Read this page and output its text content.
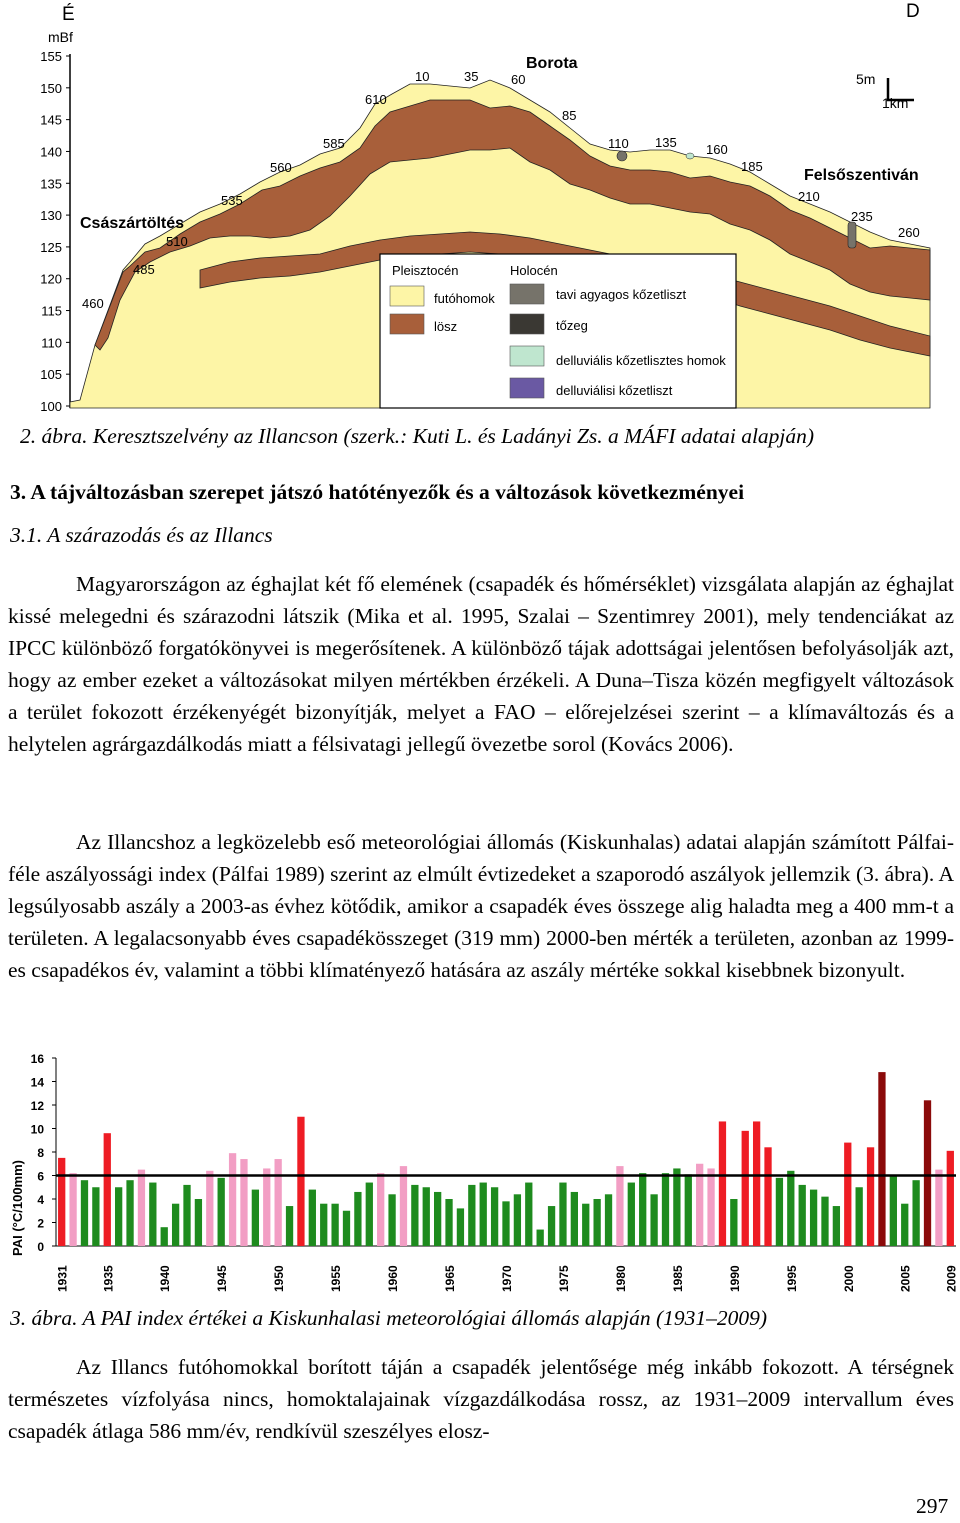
155
150
145
140
135
130
125
120
115
110
105
100
É	D
mBf
5m
1km
Császártöltés
Borota
Felsőszentiván
460
485
510
535
560
585
610
10	35	60
85
110 135 160
185
210
235
260
Pleisztocén	Holocén
futóhomok
lösz
tavi agyagos kőzetliszt
tőzeg
delluviális kőzetlisztes homok
delluviálisi kőzetliszt
2. ábra. Keresztszelvény az Illancson (szerk.: Kuti L. és Ladányi Zs. a MÁFI adatai alapján)
3. A tájváltozásban szerepet játszó hatótényezők és a változások következményei
3.1. A szárazodás és az Illancs

Magyarországon az éghajlat két fő elemének (csapadék és hőmérséklet) vizsgálata alapján az éghajlat kissé melegedni és szárazodni látszik (Mika et al. 1995, Szalai – Szentimrey 2001), mely tendenciákat az IPCC különböző forgatókönyvei is megerősítenek. A különböző tájak adottságai jelentősen befolyásolják azt, hogy az ember ezeket a változásokat milyen mértékben érzékeli. A Duna–Tisza közén megfigyelt változások a terület fokozott érzékenyégét bizonyítják, melyet a FAO – előrejelzései szerint – a klímaváltozás és a helytelen agrárgazdálkodás miatt a félsivatagi jellegű övezetbe sorol (Kovács 2006).

Az Illancshoz a legközelebb eső meteorológiai állomás (Kiskunhalas) adatai alapján számított Pálfai-féle aszályossági index (Pálfai 1989) szerint az elmúlt évtizedeket a szaporodó aszályok jellemzik (3. ábra). A legsúlyosabb aszály a 2003-as évhez kötődik, amikor a csapadék éves összege alig haladta meg a 400 mm-t a területen. A legalacsonyabb éves csapadékösszeget (319 mm) 2000-ben mérték a területen, azonban az 1999-es csapadékos év, valamint a többi klímatényező hatására az aszály mértéke sokkal kisebbnek bizonyult.

PAI (°C/100mm) 0
2
4
6
8
10
12
14
16
1931	1935	1940	1945	1950	1955	1960	1965	1970	1975	1980	1985	1990	1995	2000	2005	2009
3. ábra. A PAI index értékei a Kiskunhalasi meteorológiai állomás alapján (1931–2009)

Az Illancs futóhomokkal borított táján a csapadék jelentősége még inkább fokozott. A térségnek természetes vízfolyása nincs, homoktalajainak vízgazdálkodása rossz, az 1931–2009 intervallum éves csapadék átlaga 586 mm/év, rendkívül szeszélyes elosz-

297
